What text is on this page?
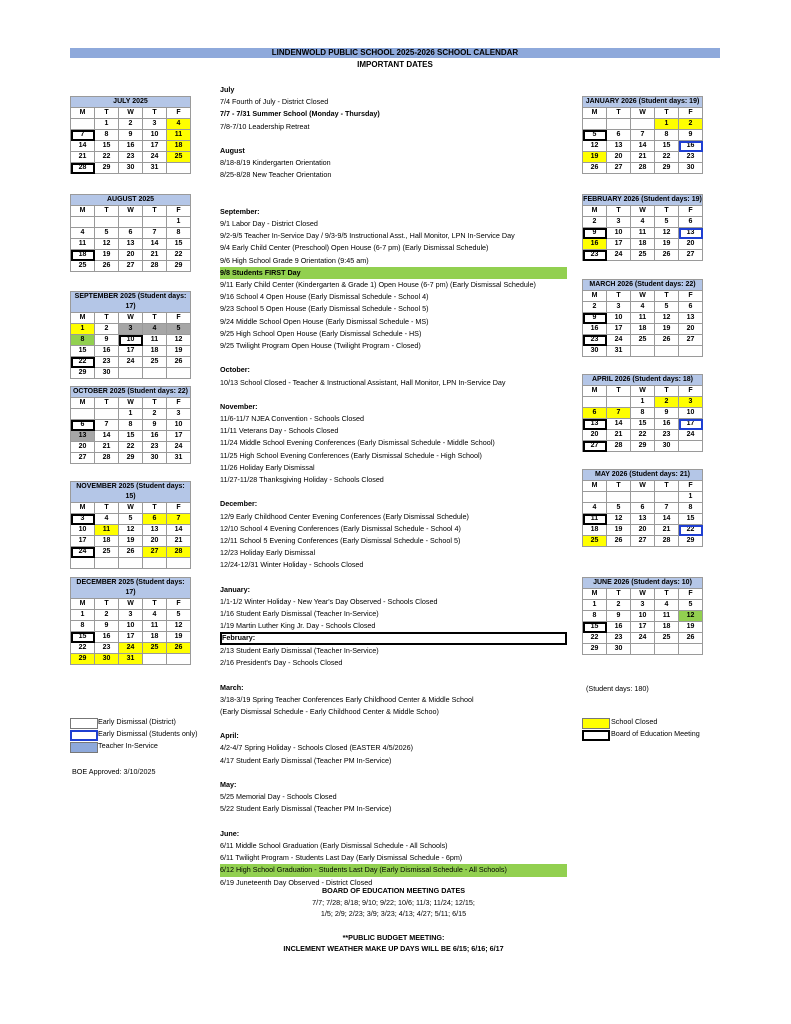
LINDENWOLD PUBLIC SCHOOL 2025-2026 SCHOOL CALENDAR
IMPORTANT DATES
JULY 2025				
M	T	W	T	F
	1	2	3	4
7	8	9	10	11
14	15	16	17	18
21	22	23	24	25
28	29	30	31	
AUGUST 2025				
M	T	W	T	F
				1
4	5	6	7	8
11	12	13	14	15
18	19	20	21	22
25	26	27	28	29
SEPTEMBER 2025 (Student days: 17)				
M	T	W	T	F
1	2	3	4	5
8	9	10	11	12
15	16	17	18	19
22	23	24	25	26
29	30			
OCTOBER 2025 (Student days: 22)				
M	T	W	T	F
		1	2	3
6	7	8	9	10
13	14	15	16	17
20	21	22	23	24
27	28	29	30	31
NOVEMBER 2025 (Student days: 15)				
M	T	W	T	F
3	4	5	6	7
10	11	12	13	14
17	18	19	20	21
24	25	26	27	28

DECEMBER 2025 (Student days: 17)				
M	T	W	T	F
1	2	3	4	5
8	9	10	11	12
15	16	17	18	19
22	23	24	25	26
29	30	31		
JANUARY 2026 (Student days: 19)				
M	T	W	T	F
			1	2
5	6	7	8	9
12	13	14	15	16
19	20	21	22	23
26	27	28	29	30
FEBRUARY 2026 (Student days: 19)				
M	T	W	T	F
2	3	4	5	6
9	10	11	12	13
16	17	18	19	20
23	24	25	26	27
MARCH 2026 (Student days: 22)				
M	T	W	T	F
2	3	4	5	6
9	10	11	12	13
16	17	18	19	20
23	24	25	26	27
30	31			
APRIL 2026 (Student days: 18)				
M	T	W	T	F
		1	2	3
6	7	8	9	10
13	14	15	16	17
20	21	22	23	24
27	28	29	30	
MAY 2026 (Student days: 21)				
M	T	W	T	F
				1
4	5	6	7	8
11	12	13	14	15
18	19	20	21	22
25	26	27	28	29
JUNE 2026 (Student days: 10)				
M	T	W	T	F
1	2	3	4	5
8	9	10	11	12
15	16	17	18	19
22	23	24	25	26
29	30			
July
7/4 Fourth of July - District Closed
7/7 - 7/31 Summer School (Monday - Thursday)
7/8-7/10 Leadership Retreat
August
8/18-8/19 Kindergarten Orientation
8/25-8/28 New Teacher Orientation
September:
9/1 Labor Day - District Closed
9/2-9/5 Teacher In-Service Day / 9/3-9/5 Instructional Asst., Hall Monitor, LPN In-Service Day
9/4 Early Child Center (Preschool) Open House (6-7 pm) (Early Dismissal Schedule)
9/6 High School Grade 9 Orientation (9:45 am)
9/8 Students FIRST Day
9/11 Early Child Center (Kindergarten & Grade 1) Open House (6-7 pm) (Early Dismissal Schedule)
9/16 School 4 Open House (Early Dismissal Schedule - School 4)
9/23 School 5 Open House (Early Dismissal Schedule - School 5)
9/24 Middle School Open House (Early Dismissal Schedule - MS)
9/25 High School Open House (Early Dismissal Schedule - HS)
9/25 Twilight Program Open House (Twilight Program - Closed)
October:
10/13 School Closed - Teacher & Instructional Assistant, Hall Monitor, LPN In-Service Day
November:
11/6-11/7 NJEA Convention - Schools Closed
11/11 Veterans Day - Schools Closed
11/24 Middle School Evening Conferences (Early Dismissal Schedule - Middle School)
11/25 High School Evening Conferences (Early Dismissal Schedule - High School)
11/26 Holiday Early Dismissal
11/27-11/28 Thanksgiving Holiday - Schools Closed
December:
12/9 Early Childhood Center Evening Conferences (Early Dismissal Schedule)
12/10 School 4 Evening Conferences (Early Dismissal Schedule - School 4)
12/11 School 5 Evening Conferences (Early Dismissal Schedule - School 5)
12/23 Holiday Early Dismissal
12/24-12/31 Winter Holiday - Schools Closed
January:
1/1-1/2 Winter Holiday - New Year's Day Observed - Schools Closed
1/16 Student Early Dismissal (Teacher In-Service)
1/19 Martin Luther King Jr. Day - Schools Closed
February:
2/13 Student Early Dismissal (Teacher In-Service)
2/16 President's Day - Schools Closed
March:
3/18-3/19 Spring Teacher Conferences Early Childhood Center & Middle School
(Early Dismissal Schedule - Early Childhood Center & Middle Schoo)
April:
4/2-4/7 Spring Holiday - Schools Closed (EASTER 4/5/2026)
4/17 Student Early Dismissal (Teacher PM In-Service)
May:
5/25 Memorial Day - Schools Closed
5/22 Student Early Dismissal (Teacher PM In-Service)
June:
6/11 Middle School Graduation (Early Dismissal Schedule - All Schools)
6/11 Twilight Program - Students Last Day (Early Dismissal Schedule - 6pm)
6/12 High School Graduation - Students Last Day (Early Dismissal Schedule - All Schools)
6/19 Juneteenth Day Observed - District Closed
(Student days: 180)
Early Dismissal (District)
Early Dismissal (Students only)
Teacher In-Service
BOE Approved: 3/10/2025
School Closed
Board of Education Meeting
BOARD OF EDUCATION MEETING DATES
7/7; 7/28; 8/18; 9/10; 9/22; 10/6; 11/3; 11/24; 12/15;
1/5; 2/9; 2/23; 3/9; 3/23; 4/13; 4/27; 5/11; 6/15
**PUBLIC BUDGET MEETING:
INCLEMENT WEATHER MAKE UP DAYS WILL BE 6/15; 6/16; 6/17
